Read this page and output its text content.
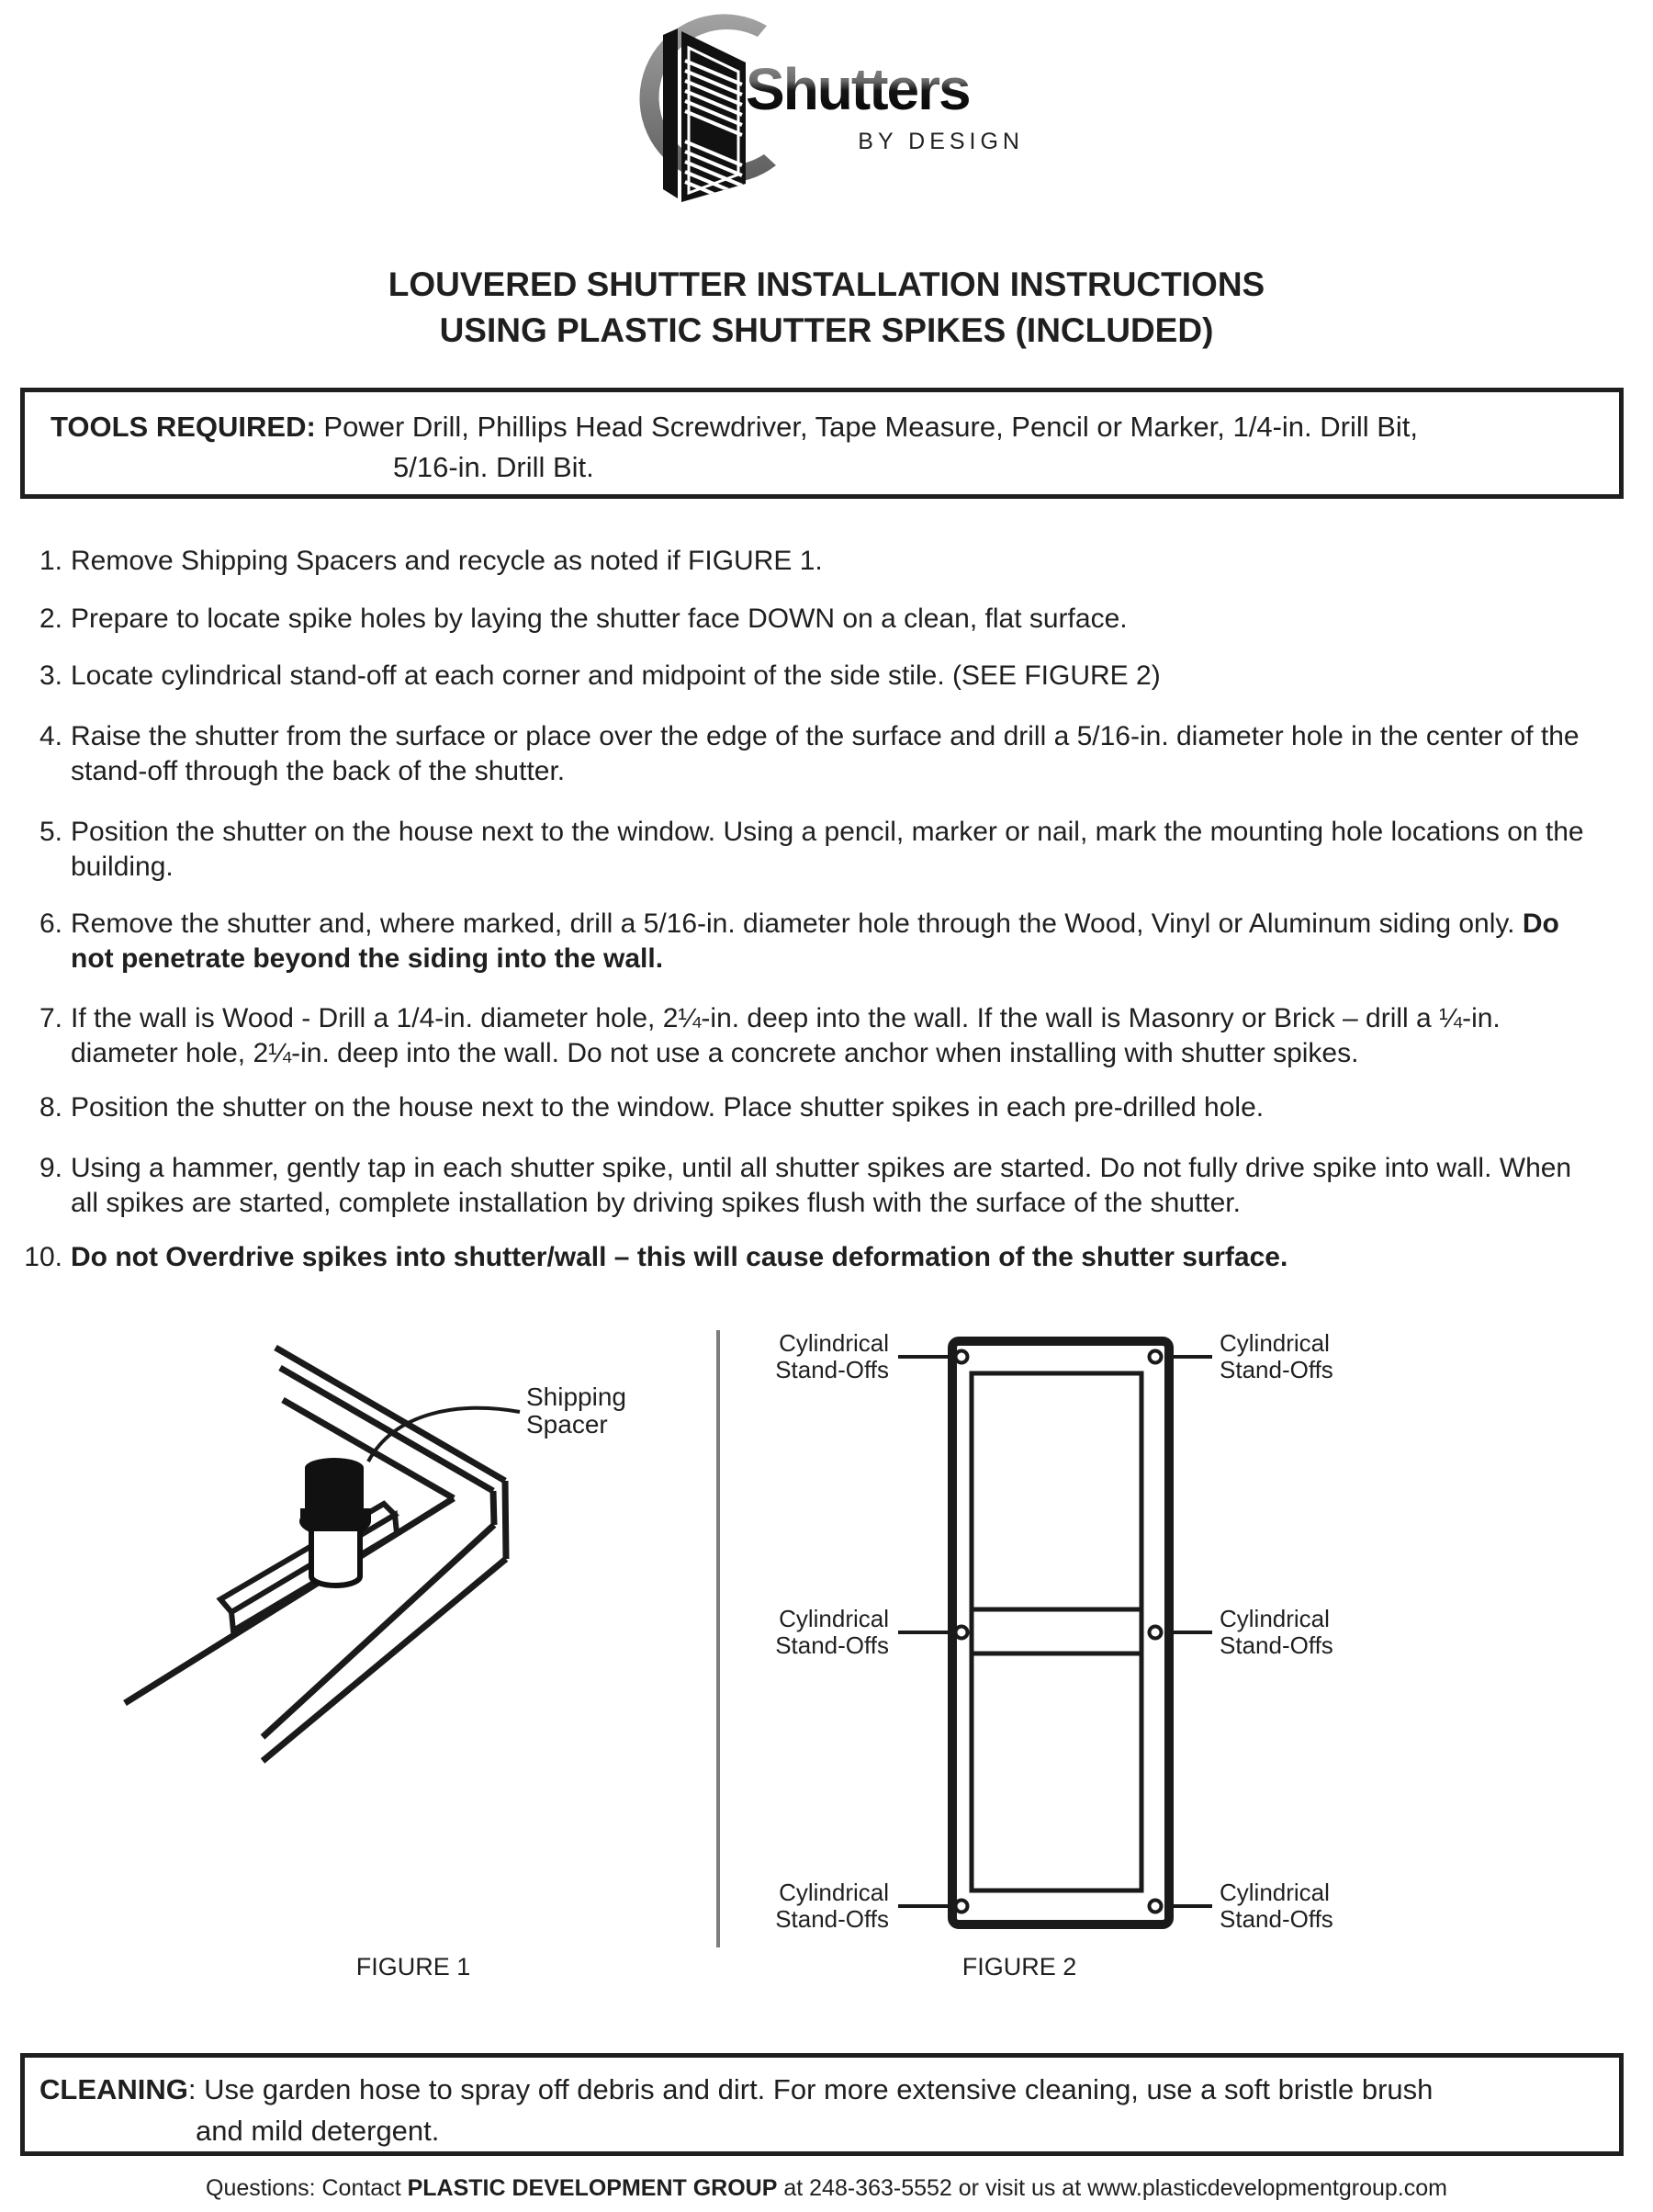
Shutters
BY DESIGN
LOUVERED SHUTTER INSTALLATION INSTRUCTIONS
USING PLASTIC SHUTTER SPIKES (INCLUDED)
TOOLS REQUIRED: Power Drill, Phillips Head Screwdriver, Tape Measure, Pencil or Marker, 1/4-in. Drill Bit,
5/16-in. Drill Bit.
1. Remove Shipping Spacers and recycle as noted if FIGURE 1.
2. Prepare to locate spike holes by laying the shutter face DOWN on a clean, flat surface.
3. Locate cylindrical stand-off at each corner and midpoint of the side stile. (SEE FIGURE 2)
4. Raise the shutter from the surface or place over the edge of the surface and drill a 5/16-in. diameter hole in the center of the stand-off through the back of the shutter.
5. Position the shutter on the house next to the window. Using a pencil, marker or nail, mark the mounting hole locations on the building.
6. Remove the shutter and, where marked, drill a 5/16-in. diameter hole through the Wood, Vinyl or Aluminum siding only. Do not penetrate beyond the siding into the wall.
7. If the wall is Wood - Drill a 1/4-in. diameter hole, 2¼-in. deep into the wall. If the wall is Masonry or Brick – drill a ¼-in. diameter hole, 2¼-in. deep into the wall. Do not use a concrete anchor when installing with shutter spikes.
8. Position the shutter on the house next to the window. Place shutter spikes in each pre-drilled hole.
9. Using a hammer, gently tap in each shutter spike, until all shutter spikes are started. Do not fully drive spike into wall. When all spikes are started, complete installation by driving spikes flush with the surface of the shutter.
10. Do not Overdrive spikes into shutter/wall – this will cause deformation of the shutter surface.
Shipping Spacer
FIGURE 1
Cylindrical Stand-Offs
Cylindrical Stand-Offs
Cylindrical Stand-Offs
Cylindrical Stand-Offs
Cylindrical Stand-Offs
Cylindrical Stand-Offs
FIGURE 2
CLEANING: Use garden hose to spray off debris and dirt. For more extensive cleaning, use a soft bristle brush
and mild detergent.
Questions: Contact PLASTIC DEVELOPMENT GROUP at 248-363-5552 or visit us at www.plasticdevelopmentgroup.com
